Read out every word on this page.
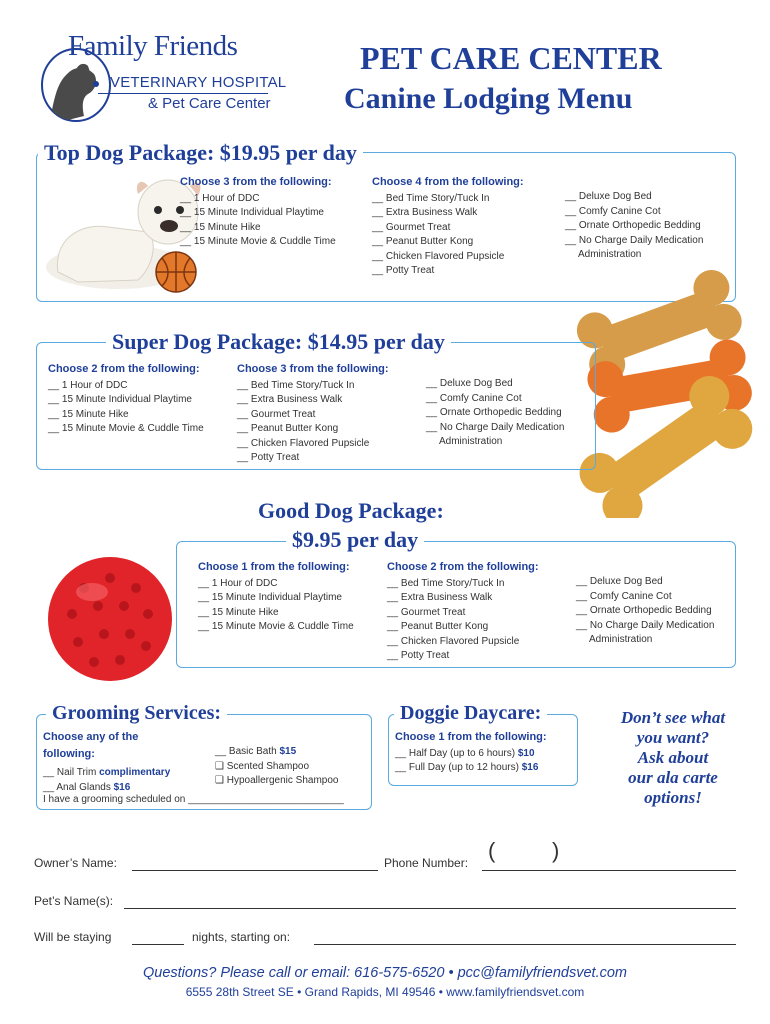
Family Friends
VETERINARY HOSPITAL
& Pet Care Center
PET CARE CENTER
Canine Lodging Menu
Top Dog Package: $19.95 per day
Choose 3 from the following:
__ 1 Hour of DDC
__ 15 Minute Individual Playtime
__ 15 Minute Hike
__ 15 Minute Movie & Cuddle Time
Choose 4 from the following:
__ Bed Time Story/Tuck In
__ Extra Business Walk
__ Gourmet Treat
__ Peanut Butter Kong
__ Chicken Flavored Pupsicle
__ Potty Treat
__ Deluxe Dog Bed
__ Comfy Canine Cot
__ Ornate Orthopedic Bedding
__ No Charge Daily Medication
Administration
Super Dog Package: $14.95 per day
Choose 2 from the following:
__ 1 Hour of DDC
__ 15 Minute Individual Playtime
__ 15 Minute Hike
__ 15 Minute Movie & Cuddle Time
Choose 3 from the following:
__ Bed Time Story/Tuck In
__ Extra Business Walk
__ Gourmet Treat
__ Peanut Butter Kong
__ Chicken Flavored Pupsicle
__ Potty Treat
__ Deluxe Dog Bed
__ Comfy Canine Cot
__ Ornate Orthopedic Bedding
__ No Charge Daily Medication
Administration
Good Dog Package:
$9.95 per day
Choose 1 from the following:
__ 1 Hour of DDC
__ 15 Minute Individual Playtime
__ 15 Minute Hike
__ 15 Minute Movie & Cuddle Time
Choose 2 from the following:
__ Bed Time Story/Tuck In
__ Extra Business Walk
__ Gourmet Treat
__ Peanut Butter Kong
__ Chicken Flavored Pupsicle
__ Potty Treat
__ Deluxe Dog Bed
__ Comfy Canine Cot
__ Ornate Orthopedic Bedding
__ No Charge Daily Medication
Administration
Grooming Services:
Choose any of the
following:
__ Nail Trim complimentary
__ Anal Glands $16
__ Basic Bath $15
❑ Scented Shampoo
❑ Hypoallergenic Shampoo
I have a grooming scheduled on ____________________________
Doggie Daycare:
Choose 1 from the following:
__ Half Day (up to 6 hours) $10
__ Full Day (up to 12 hours) $16
Don’t see what
you want?
Ask about
our ala carte
options!
Owner’s Name:	Phone Number: (	)
Pet’s Name(s):
Will be staying	nights, starting on:
Questions? Please call or email: 616-575-6520 • pcc@familyfriendsvet.com
6555 28th Street SE • Grand Rapids, MI 49546 • www.familyfriendsvet.com
